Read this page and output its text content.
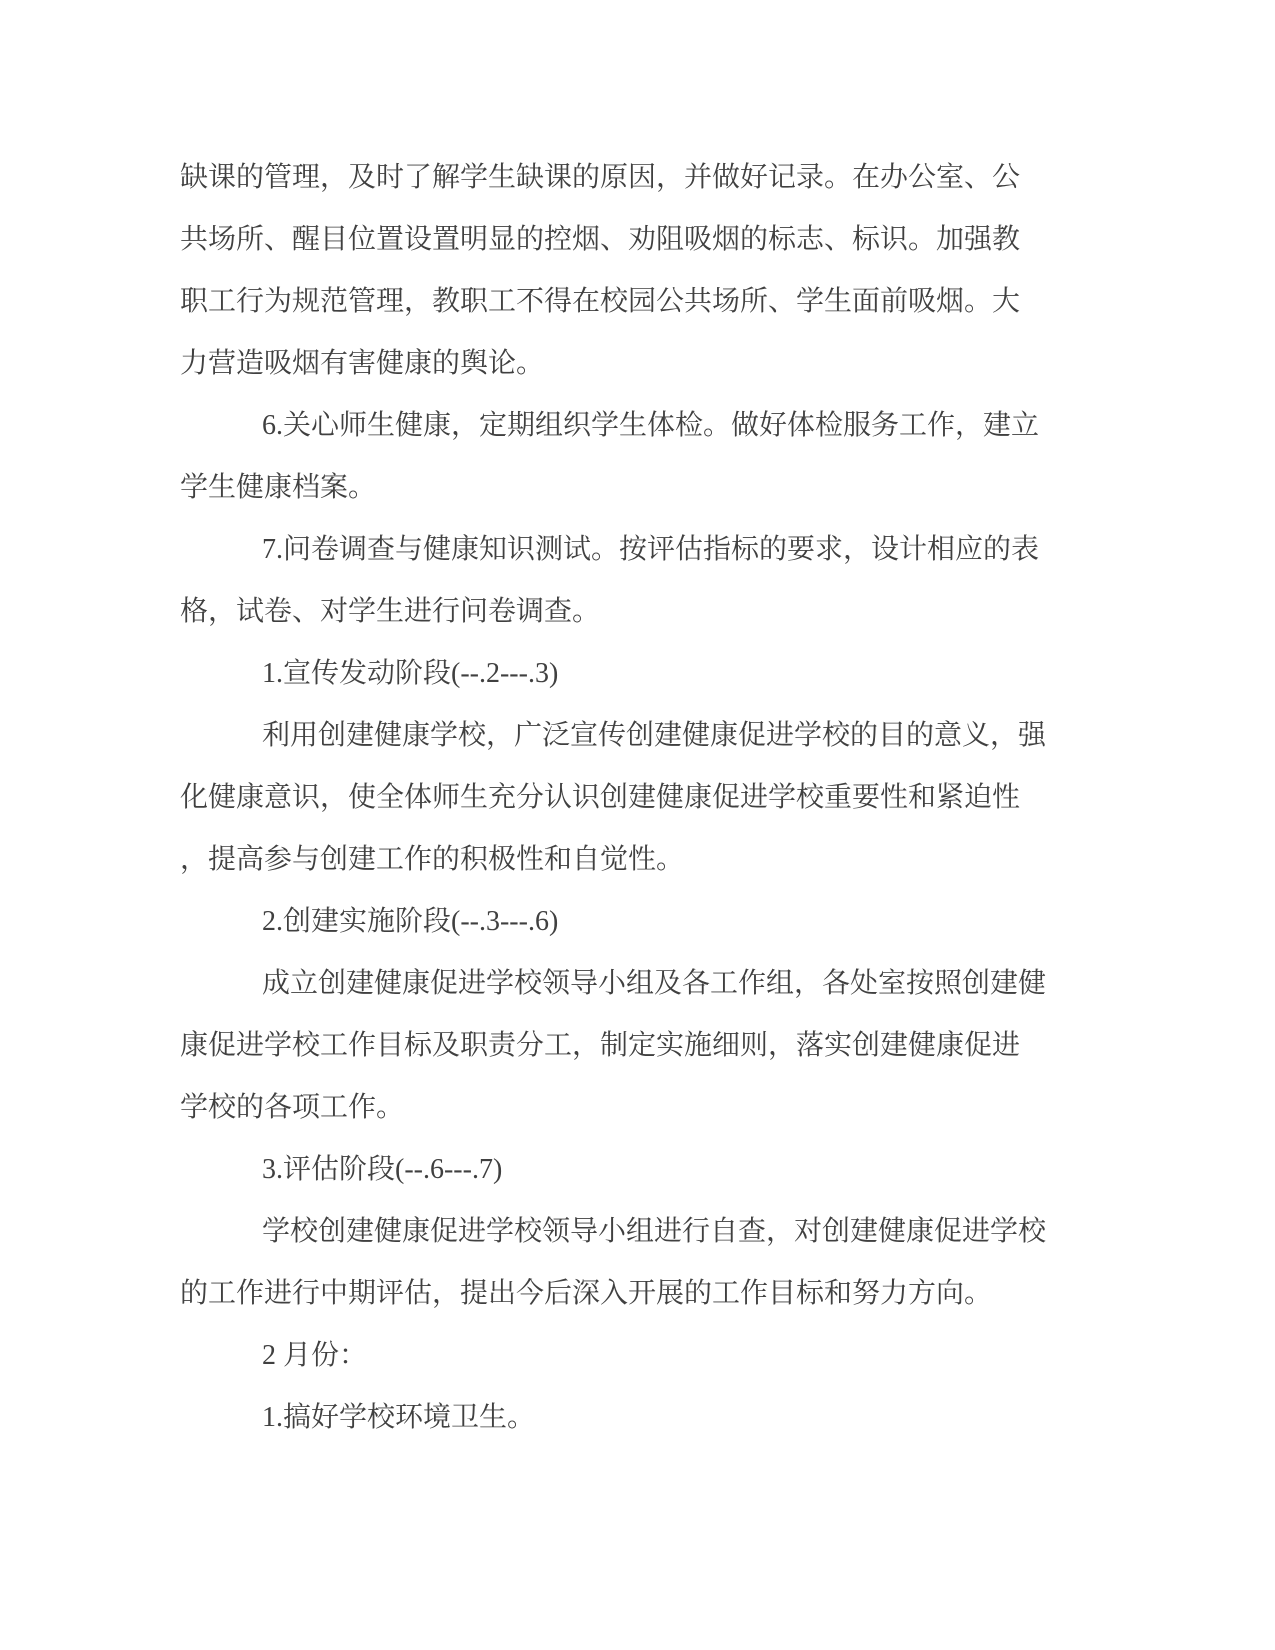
缺课的管理，及时了解学生缺课的原因，并做好记录。在办公室、公
共场所、醒目位置设置明显的控烟、劝阻吸烟的标志、标识。加强教
职工行为规范管理，教职工不得在校园公共场所、学生面前吸烟。大
力营造吸烟有害健康的舆论。
6.关心师生健康，定期组织学生体检。做好体检服务工作，建立
学生健康档案。
7.问卷调查与健康知识测试。按评估指标的要求，设计相应的表
格，试卷、对学生进行问卷调查。
1.宣传发动阶段(--.2---.3)
利用创建健康学校，广泛宣传创建健康促进学校的目的意义，强
化健康意识，使全体师生充分认识创建健康促进学校重要性和紧迫性
，提高参与创建工作的积极性和自觉性。
2.创建实施阶段(--.3---.6)
成立创建健康促进学校领导小组及各工作组，各处室按照创建健
康促进学校工作目标及职责分工，制定实施细则，落实创建健康促进
学校的各项工作。
3.评估阶段(--.6---.7)
学校创建健康促进学校领导小组进行自查，对创建健康促进学校
的工作进行中期评估，提出今后深入开展的工作目标和努力方向。
2 月份：
1.搞好学校环境卫生。
